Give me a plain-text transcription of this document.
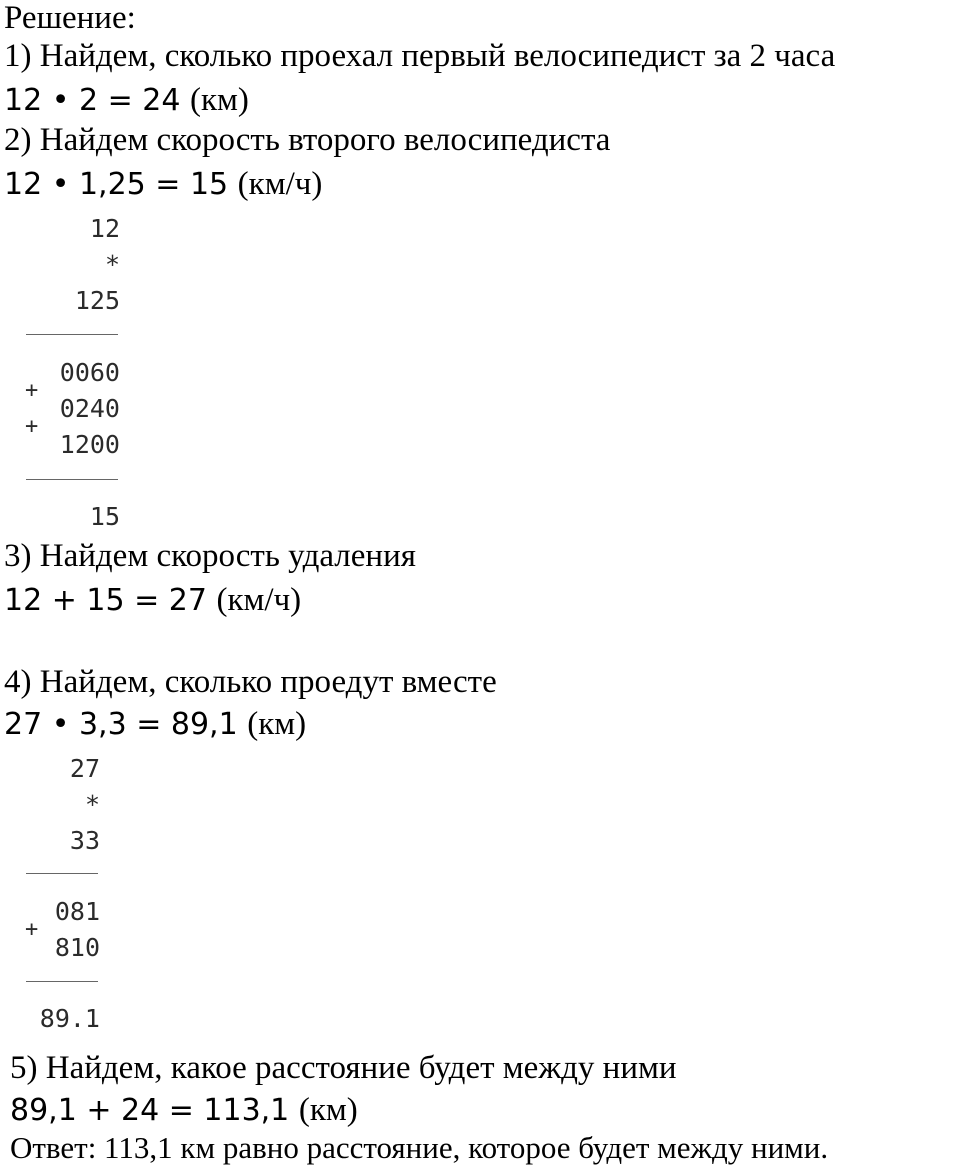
Решение:
1) Найдем, сколько проехал первый велосипедист за 2 часа
12 • 2 = 24 (км)
2) Найдем скорость второго велосипедиста
12 • 1,25 = 15 (км/ч)
12
*
125
0060
+
0240
+
1200
15
3) Найдем скорость удаления
12 + 15 = 27 (км/ч)
4) Найдем, сколько проедут вместе
27 • 3,3 = 89,1 (км)
27
*
33
081
+
810
89.1
5) Найдем, какое расстояние будет между ними
89,1 + 24 = 113,1 (км)
Ответ: 113,1 км равно расстояние, которое будет между ними.
